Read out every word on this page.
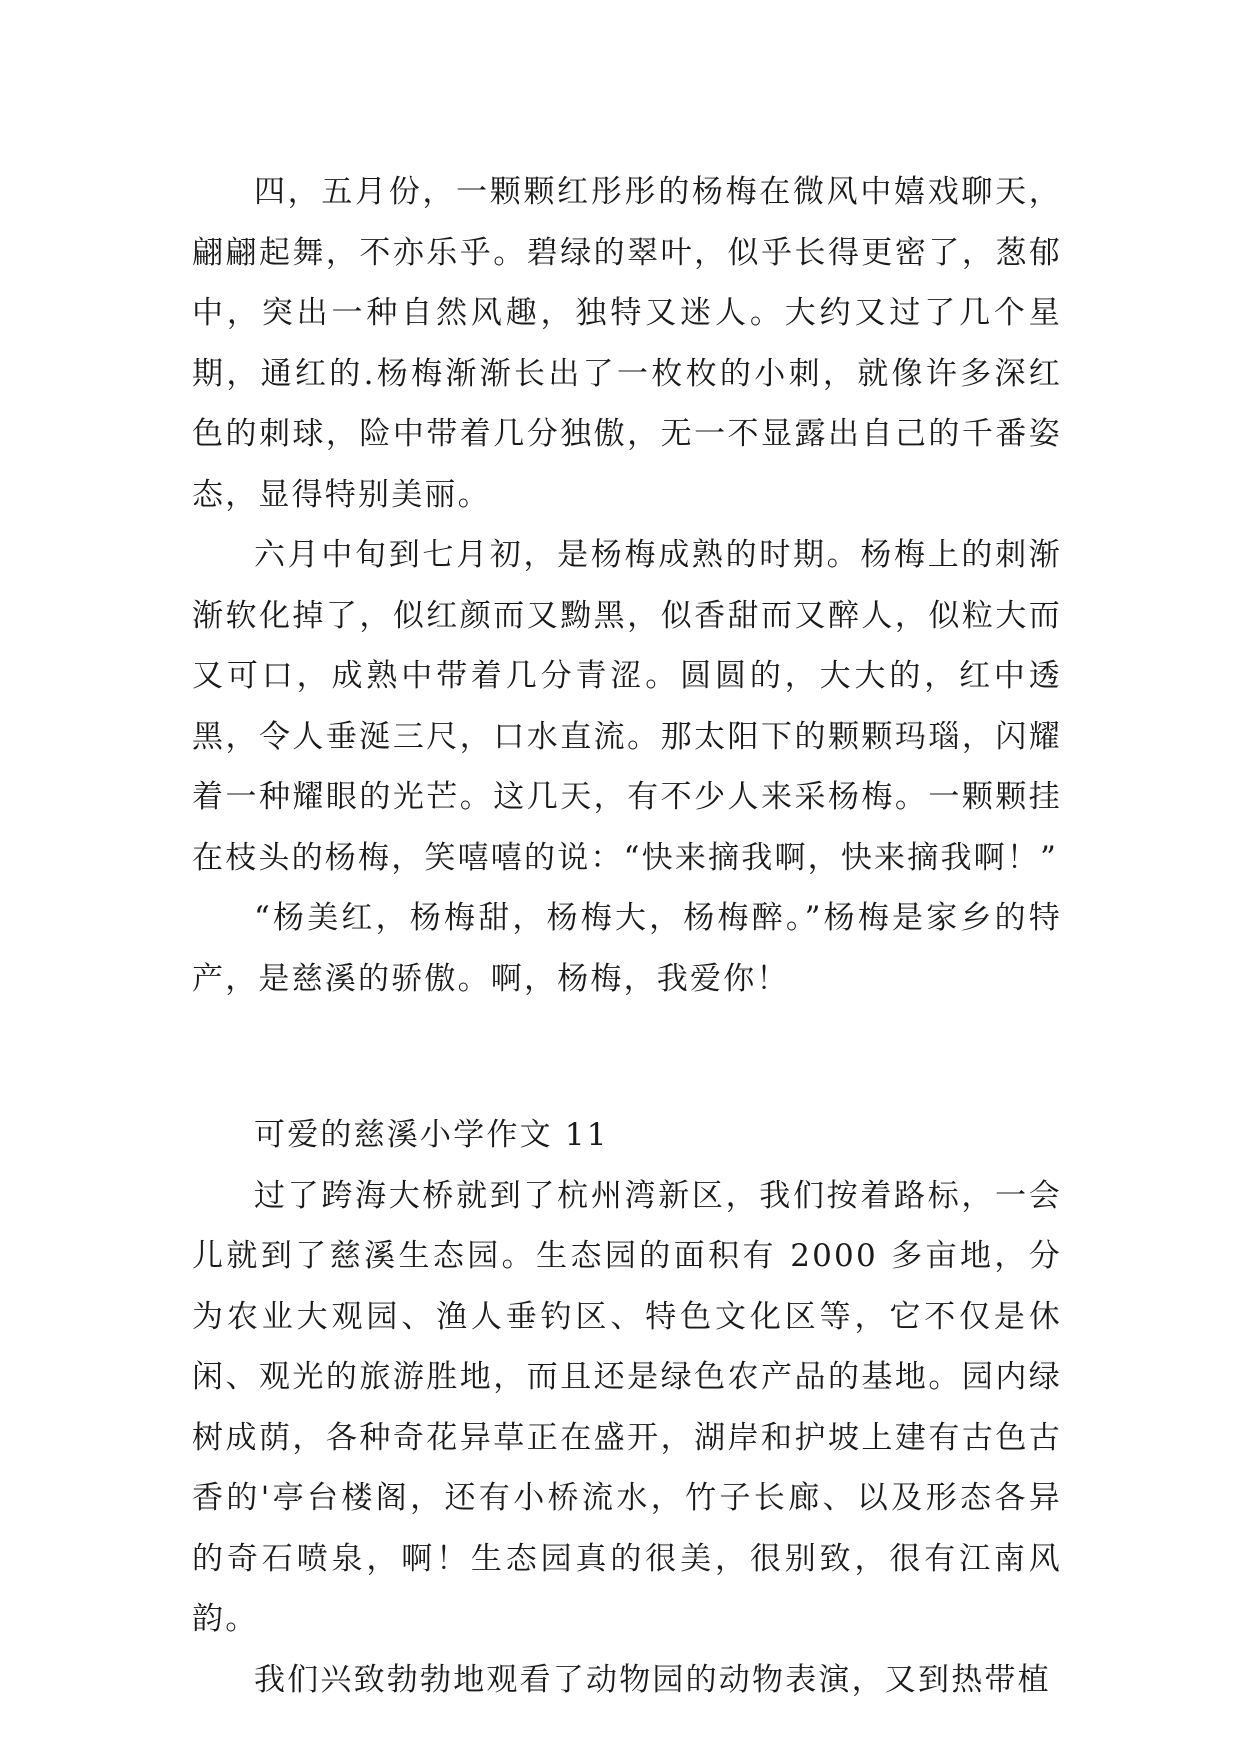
四，五月份，一颗颗红彤彤的杨梅在微风中嬉戏聊天，翩翩起舞，不亦乐乎。碧绿的翠叶，似乎长得更密了，葱郁中，突出一种自然风趣，独特又迷人。大约又过了几个星期，通红的.杨梅渐渐长出了一枚枚的小刺，就像许多深红色的刺球，险中带着几分独傲，无一不显露出自己的千番姿态，显得特别美丽。

六月中旬到七月初，是杨梅成熟的时期。杨梅上的刺渐渐软化掉了，似红颜而又黝黑，似香甜而又醉人，似粒大而又可口，成熟中带着几分青涩。圆圆的，大大的，红中透黑，令人垂涎三尺，口水直流。那太阳下的颗颗玛瑙，闪耀着一种耀眼的光芒。这几天，有不少人来采杨梅。一颗颗挂在枝头的杨梅，笑嘻嘻的说：“快来摘我啊，快来摘我啊！”

“杨美红，杨梅甜，杨梅大，杨梅醉。”杨梅是家乡的特产，是慈溪的骄傲。啊，杨梅，我爱你！

可爱的慈溪小学作文 11

过了跨海大桥就到了杭州湾新区，我们按着路标，一会儿就到了慈溪生态园。生态园的面积有 2000 多亩地，分为农业大观园、渔人垂钓区、特色文化区等，它不仅是休闲、观光的旅游胜地，而且还是绿色农产品的基地。园内绿树成荫，各种奇花异草正在盛开，湖岸和护坡上建有古色古香的'亭台楼阁，还有小桥流水，竹子长廊、以及形态各异的奇石喷泉，啊！生态园真的很美，很别致，很有江南风韵。

我们兴致勃勃地观看了动物园的动物表演，又到热带植
